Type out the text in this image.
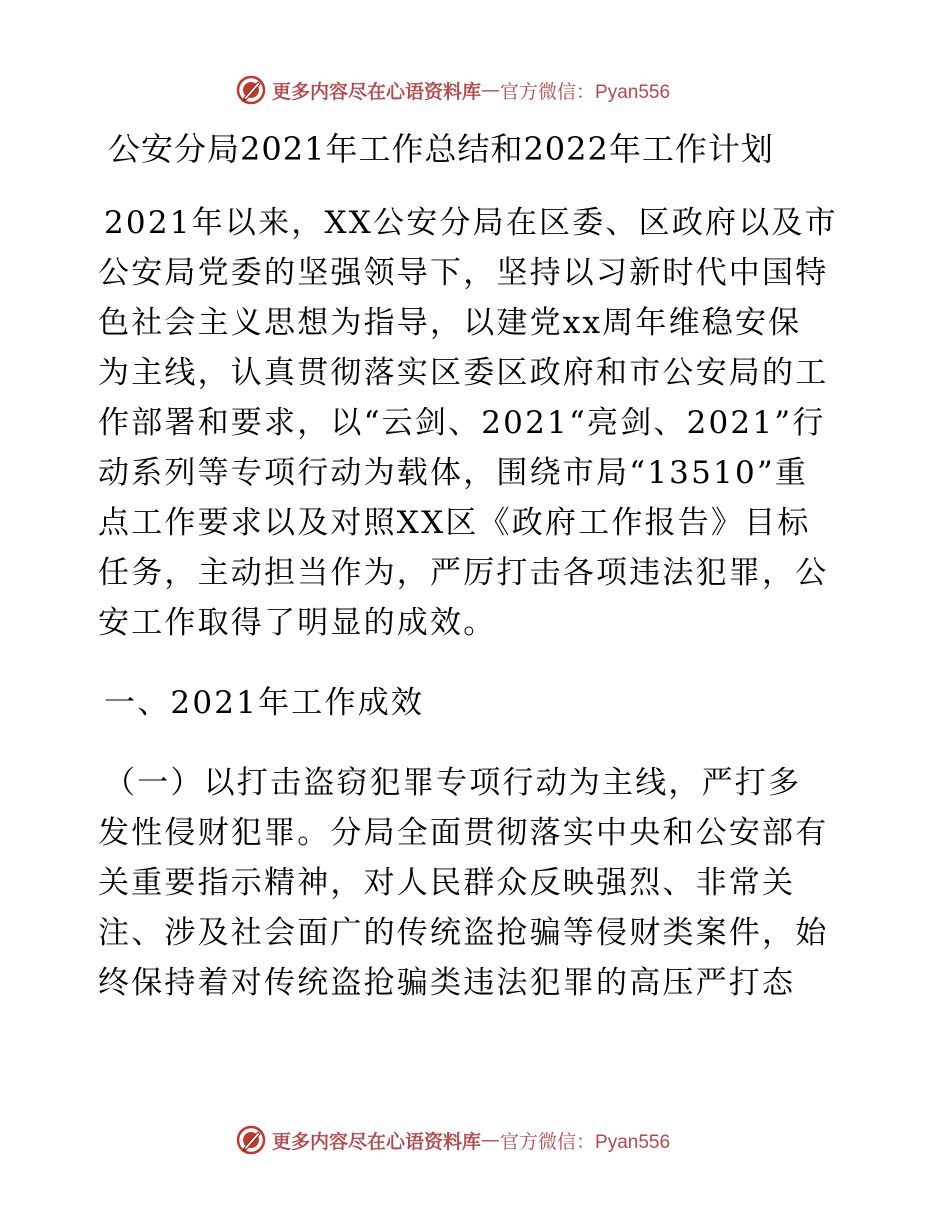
更多内容尽在心语资料库 — 官方微信：Pyan556
公安分局2021年工作总结和2022年工作计划
2021年以来，XX公安分局在区委、区政府以及市
公安局党委的坚强领导下，坚持以习新时代中国特
色社会主义思想为指导，以建党xx周年维稳安保
为主线，认真贯彻落实区委区政府和市公安局的工
作部署和要求，以“云剑、2021“亮剑、2021”行
动系列等专项行动为载体，围绕市局“13510”重
点工作要求以及对照XX区《政府工作报告》目标
任务，主动担当作为，严厉打击各项违法犯罪，公
安工作取得了明显的成效。
一、2021年工作成效
（一）以打击盗窃犯罪专项行动为主线，严打多
发性侵财犯罪。分局全面贯彻落实中央和公安部有
关重要指示精神，对人民群众反映强烈、非常关
注、涉及社会面广的传统盗抢骗等侵财类案件，始
终保持着对传统盗抢骗类违法犯罪的高压严打态
更多内容尽在心语资料库 — 官方微信：Pyan556
